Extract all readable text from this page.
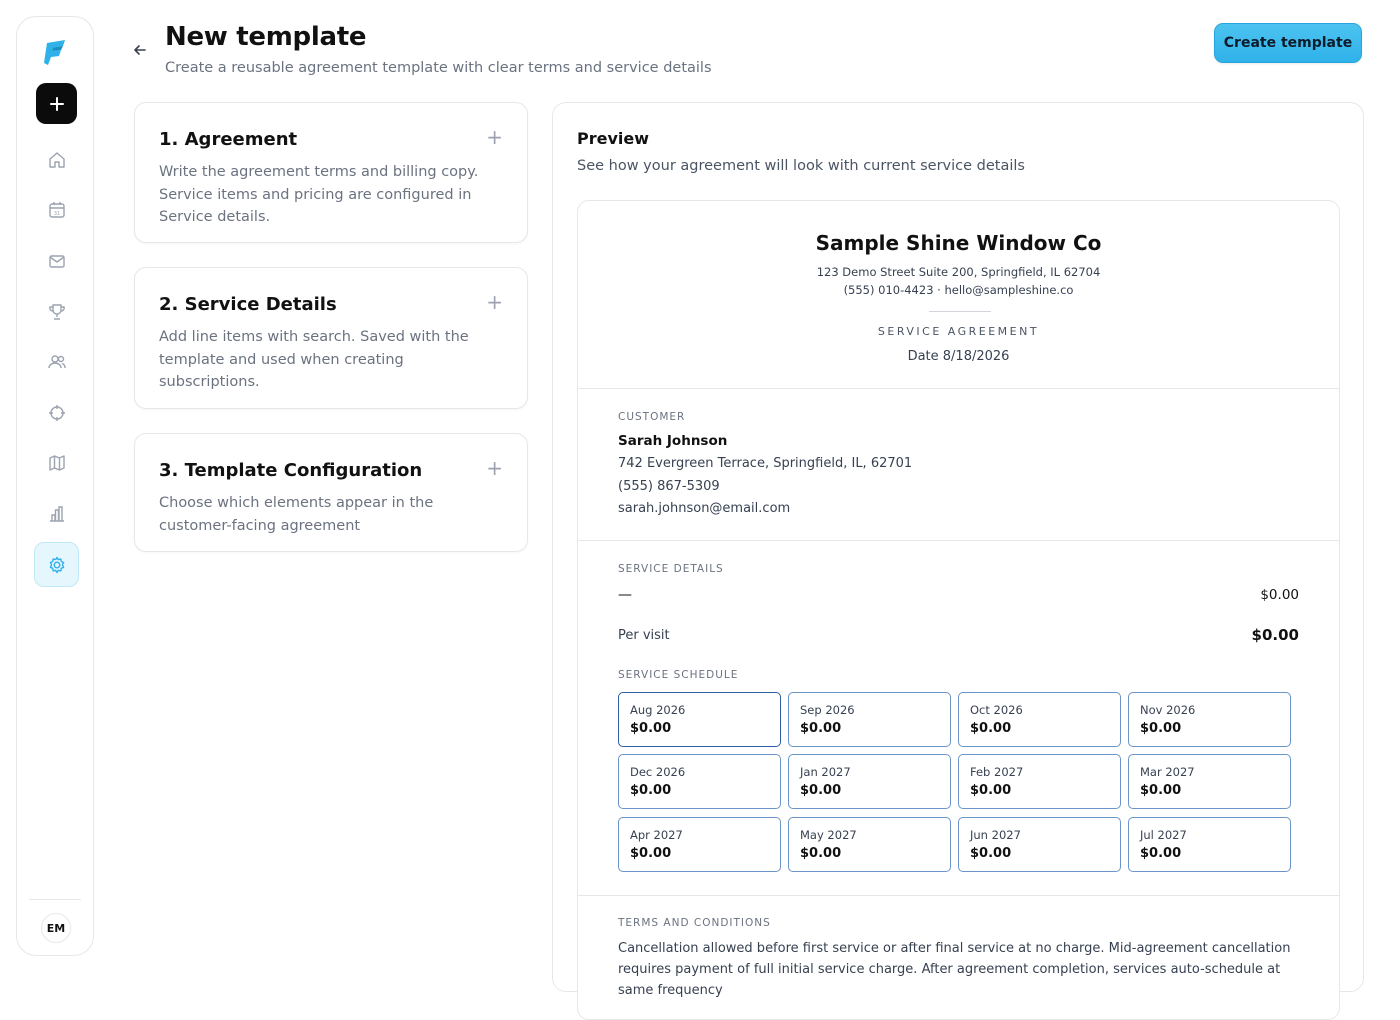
31
EM
New template

Create a reusable agreement template with clear terms and service details

Create template
1. Agreement	+

Write the agreement terms and billing copy. Service items and pricing are configured in Service details.

2. Service Details	+

Add line items with search. Saved with the template and used when creating subscriptions.

3. Template Configuration	+

Choose which elements appear in the customer-facing agreement

Preview

See how your agreement will look with current service details

Sample Shine Window Co
123 Demo Street Suite 200, Springfield, IL 62704
(555) 010-4423 · hello@sampleshine.co
SERVICE AGREEMENT
Date 8/18/2026
CUSTOMER
Sarah Johnson
742 Evergreen Terrace, Springfield, IL, 62701
(555) 867-5309
sarah.johnson@email.com
SERVICE DETAILS
—	$0.00
Per visit	$0.00
SERVICE SCHEDULE
Aug 2026
$0.00
Sep 2026
$0.00
Oct 2026
$0.00
Nov 2026
$0.00
Dec 2026
$0.00
Jan 2027
$0.00
Feb 2027
$0.00
Mar 2027
$0.00
Apr 2027
$0.00
May 2027
$0.00
Jun 2027
$0.00
Jul 2027
$0.00
TERMS AND CONDITIONS

Cancellation allowed before first service or after final service at no charge. Mid-agreement cancellation requires payment of full initial service charge. After agreement completion, services auto-schedule at same frequency
